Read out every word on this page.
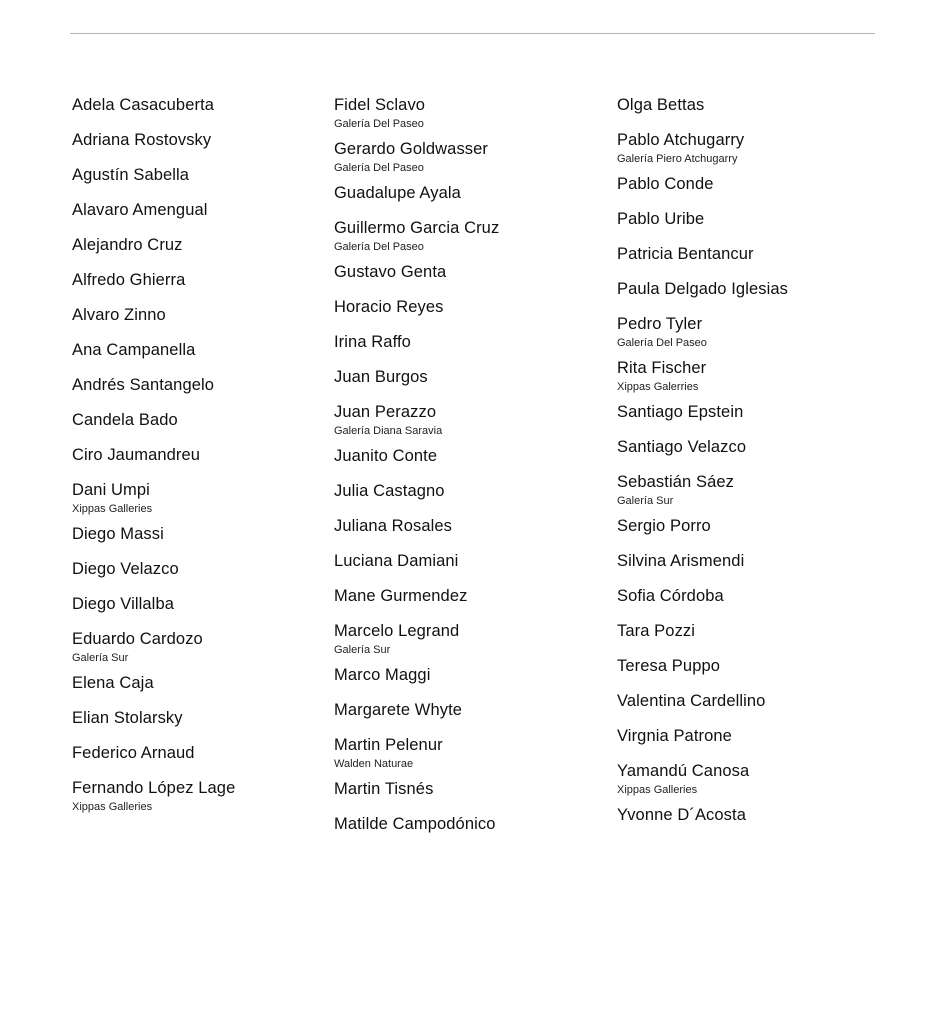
Adela Casacuberta
Adriana Rostovsky
Agustín Sabella
Alavaro Amengual
Alejandro Cruz
Alfredo Ghierra
Alvaro Zinno
Ana Campanella
Andrés Santangelo
Candela Bado
Ciro Jaumandreu
Dani Umpi
Xippas Galleries
Diego Massi
Diego Velazco
Diego Villalba
Eduardo Cardozo
Galería Sur
Elena Caja
Elian Stolarsky
Federico Arnaud
Fernando López Lage
Xippas Galleries
Fidel Sclavo
Galería Del Paseo
Gerardo Goldwasser
Galería Del Paseo
Guadalupe Ayala
Guillermo Garcia Cruz
Galería Del Paseo
Gustavo Genta
Horacio Reyes
Irina Raffo
Juan Burgos
Juan Perazzo
Galería Diana Saravia
Juanito Conte
Julia Castagno
Juliana Rosales
Luciana Damiani
Mane Gurmendez
Marcelo Legrand
Galería Sur
Marco Maggi
Margarete Whyte
Martin Pelenur
Walden Naturae
Martin Tisnés
Matilde Campodónico
Olga Bettas
Pablo Atchugarry
Galería Piero Atchugarry
Pablo Conde
Pablo Uribe
Patricia Bentancur
Paula Delgado Iglesias
Pedro Tyler
Galería Del Paseo
Rita Fischer
Xippas Galerries
Santiago Epstein
Santiago Velazco
Sebastián Sáez
Galería Sur
Sergio Porro
Silvina Arismendi
Sofia Córdoba
Tara Pozzi
Teresa Puppo
Valentina Cardellino
Virgnia Patrone
Yamandú Canosa
Xippas Galleries
Yvonne D´Acosta
